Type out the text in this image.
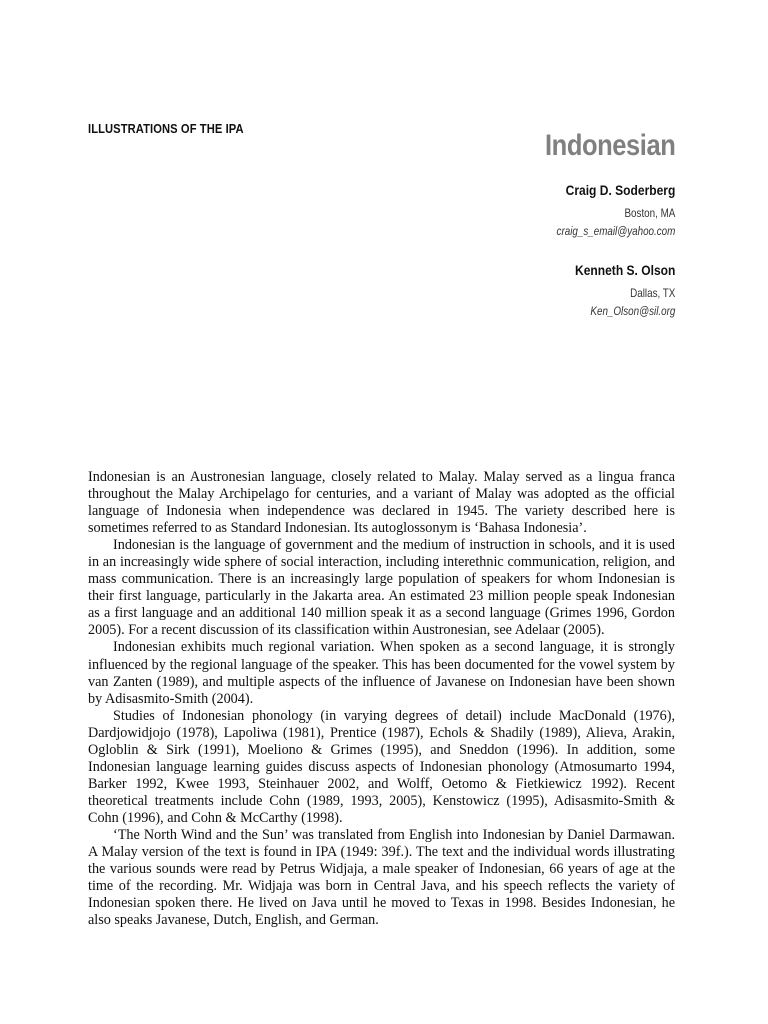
ILLUSTRATIONS OF THE IPA
Indonesian
Craig D. Soderberg
Boston, MA
craig_s_email@yahoo.com
Kenneth S. Olson
Dallas, TX
Ken_Olson@sil.org

Indonesian is an Austronesian language, closely related to Malay. Malay served as a lingua franca throughout the Malay Archipelago for centuries, and a variant of Malay was adopted as the official language of Indonesia when independence was declared in 1945. The variety described here is sometimes referred to as Standard Indonesian. Its autoglossonym is ‘Bahasa Indonesia’.

Indonesian is the language of government and the medium of instruction in schools, and it is used in an increasingly wide sphere of social interaction, including interethnic communication, religion, and mass communication. There is an increasingly large population of speakers for whom Indonesian is their first language, particularly in the Jakarta area. An estimated 23 million people speak Indonesian as a first language and an additional 140 million speak it as a second language (Grimes 1996, Gordon 2005). For a recent discussion of its classification within Austronesian, see Adelaar (2005).

Indonesian exhibits much regional variation. When spoken as a second language, it is strongly influenced by the regional language of the speaker. This has been documented for the vowel system by van Zanten (1989), and multiple aspects of the influence of Javanese on Indonesian have been shown by Adisasmito-Smith (2004).

Studies of Indonesian phonology (in varying degrees of detail) include MacDonald (1976), Dardjowidjojo (1978), Lapoliwa (1981), Prentice (1987), Echols & Shadily (1989), Alieva, Arakin, Ogloblin & Sirk (1991), Moeliono & Grimes (1995), and Sneddon (1996). In addition, some Indonesian language learning guides discuss aspects of Indonesian phonology (Atmosumarto 1994, Barker 1992, Kwee 1993, Steinhauer 2002, and Wolff, Oetomo & Fietkiewicz 1992). Recent theoretical treatments include Cohn (1989, 1993, 2005), Kenstowicz (1995), Adisasmito-Smith & Cohn (1996), and Cohn & McCarthy (1998).

‘The North Wind and the Sun’ was translated from English into Indonesian by Daniel Darmawan. A Malay version of the text is found in IPA (1949: 39f.). The text and the individual words illustrating the various sounds were read by Petrus Widjaja, a male speaker of Indonesian, 66 years of age at the time of the recording. Mr. Widjaja was born in Central Java, and his speech reflects the variety of Indonesian spoken there. He lived on Java until he moved to Texas in 1998. Besides Indonesian, he also speaks Javanese, Dutch, English, and German.
